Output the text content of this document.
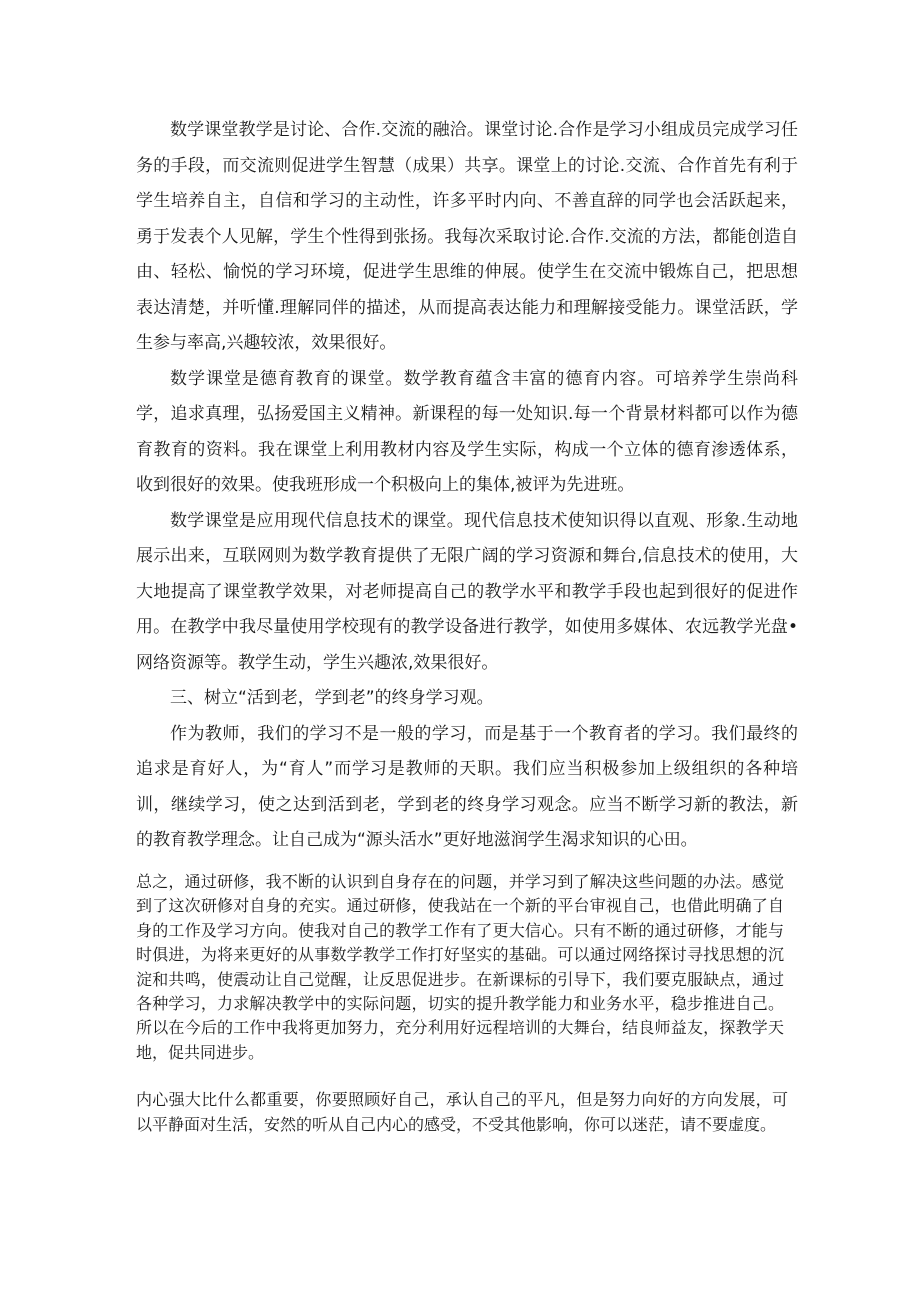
数学课堂教学是讨论、合作.交流的融洽。课堂讨论.合作是学习小组成员完成学习任务的手段，而交流则促进学生智慧（成果）共享。课堂上的讨论.交流、合作首先有利于学生培养自主，自信和学习的主动性，许多平时内向、不善直辞的同学也会活跃起来，勇于发表个人见解，学生个性得到张扬。我每次采取讨论.合作.交流的方法，都能创造自由、轻松、愉悦的学习环境，促进学生思维的伸展。使学生在交流中锻炼自己，把思想表达清楚，并听懂.理解同伴的描述，从而提高表达能力和理解接受能力。课堂活跃，学生参与率高,兴趣较浓，效果很好。

数学课堂是德育教育的课堂。数学教育蕴含丰富的德育内容。可培养学生崇尚科学，追求真理，弘扬爱国主义精神。新课程的每一处知识.每一个背景材料都可以作为德育教育的资料。我在课堂上利用教材内容及学生实际，构成一个立体的德育渗透体系，收到很好的效果。使我班形成一个积极向上的集体,被评为先进班。

数学课堂是应用现代信息技术的课堂。现代信息技术使知识得以直观、形象.生动地展示出来，互联网则为数学教育提供了无限广阔的学习资源和舞台,信息技术的使用，大大地提高了课堂教学效果，对老师提高自己的教学水平和教学手段也起到很好的促进作用。在教学中我尽量使用学校现有的教学设备进行教学，如使用多媒体、农远教学光盘•网络资源等。教学生动，学生兴趣浓,效果很好。

三、树立“活到老，学到老”的终身学习观。

作为教师，我们的学习不是一般的学习，而是基于一个教育者的学习。我们最终的追求是育好人，为“育人”而学习是教师的天职。我们应当积极参加上级组织的各种培训，继续学习，使之达到活到老，学到老的终身学习观念。应当不断学习新的教法，新的教育教学理念。让自己成为“源头活水”更好地滋润学生渴求知识的心田。

总之，通过研修，我不断的认识到自身存在的问题，并学习到了解决这些问题的办法。感觉到了这次研修对自身的充实。通过研修，使我站在一个新的平台审视自己，也借此明确了自身的工作及学习方向。使我对自己的教学工作有了更大信心。只有不断的通过研修，才能与时俱进，为将来更好的从事数学教学工作打好坚实的基础。可以通过网络探讨寻找思想的沉淀和共鸣，使震动让自己觉醒，让反思促进步。在新课标的引导下，我们要克服缺点，通过各种学习，力求解决教学中的实际问题，切实的提升教学能力和业务水平，稳步推进自己。所以在今后的工作中我将更加努力，充分利用好远程培训的大舞台，结良师益友，探教学天地，促共同进步。

内心强大比什么都重要，你要照顾好自己，承认自己的平凡，但是努力向好的方向发展，可以平静面对生活，安然的听从自己内心的感受，不受其他影响，你可以迷茫，请不要虚度。
